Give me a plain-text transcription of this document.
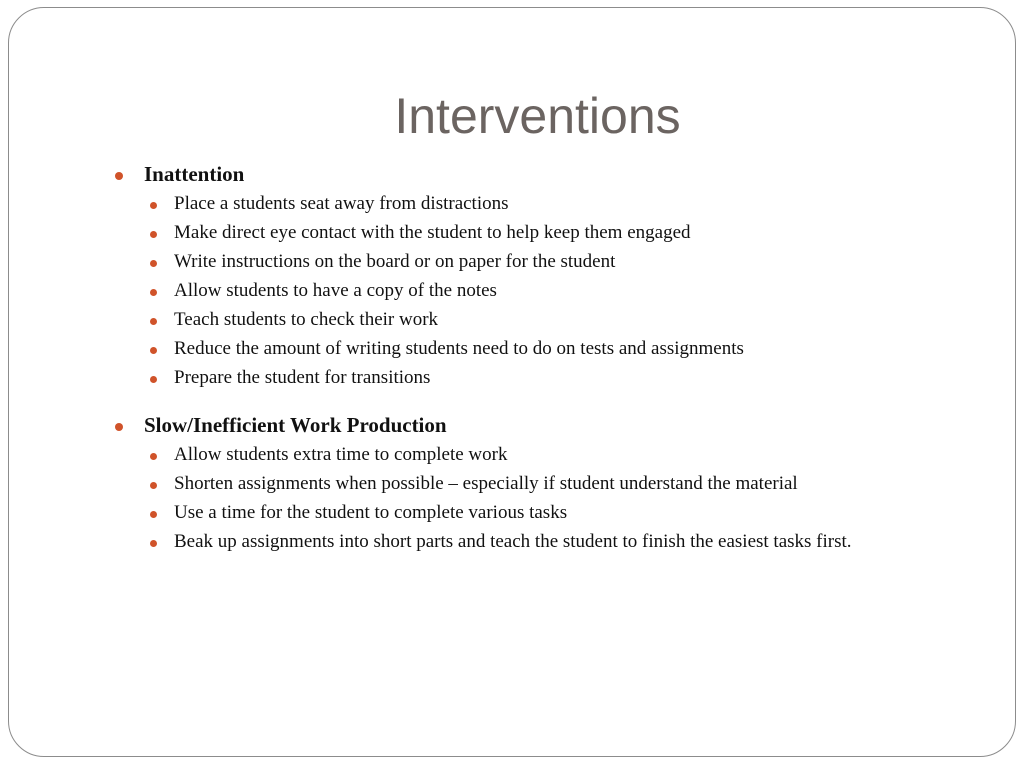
Interventions
Inattention
Place a students seat away from distractions
Make direct eye contact with the student to help keep them engaged
Write instructions on the board or on paper for the student
Allow students to have a copy of the notes
Teach students to check their work
Reduce the amount of writing students need to do on tests and assignments
Prepare the student for transitions
Slow/Inefficient Work Production
Allow students extra time to complete work
Shorten assignments when possible – especially if student understand the material
Use a time for the student to complete various tasks
Beak up assignments into short parts and teach the student to finish the easiest tasks first.
